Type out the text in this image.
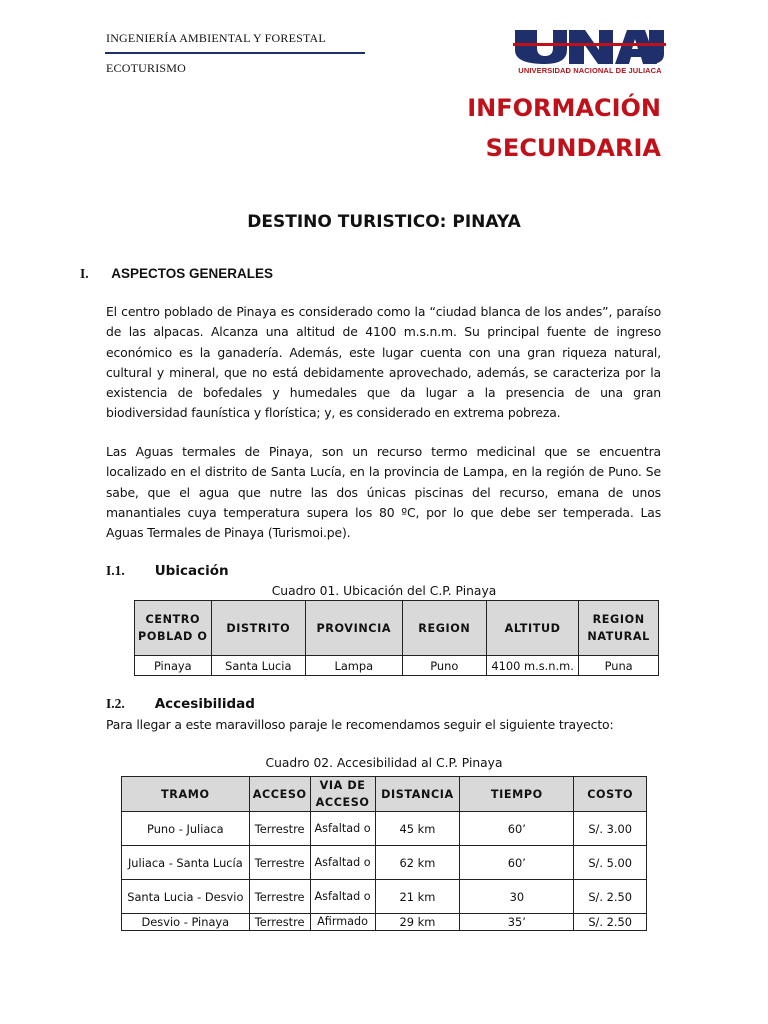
INGENIERÍA AMBIENTAL Y FORESTAL
ECOTURISMO	UNIVERSIDAD NACIONAL DE JULIACA
INFORMACIÓN
SECUNDARIA
DESTINO TURISTICO: PINAYA
I. ASPECTOS GENERALES
El centro poblado de Pinaya es considerado como la “ciudad blanca de los andes”, paraíso de las alpacas. Alcanza una altitud de 4100 m.s.n.m. Su principal fuente de ingreso económico es la ganadería. Además, este lugar cuenta con una gran riqueza natural, cultural y mineral, que no está debidamente aprovechado, además, se caracteriza por la existencia de bofedales y humedales que da lugar a la presencia de una gran biodiversidad faunística y florística; y, es considerado en extrema pobreza.
Las Aguas termales de Pinaya, son un recurso termo medicinal que se encuentra localizado en el distrito de Santa Lucía, en la provincia de Lampa, en la región de Puno. Se sabe, que el agua que nutre las dos únicas piscinas del recurso, emana de unos manantiales cuya temperatura supera los 80 ºC, por lo que debe ser temperada. Las Aguas Termales de Pinaya (Turismoi.pe).
I.1. Ubicación
Cuadro 01. Ubicación del C.P. Pinaya
CENTRO POBLAD O	DISTRITO	PROVINCIA	REGION	ALTITUD	REGION NATURAL
Pinaya	Santa Lucia	Lampa	Puno	4100 m.s.n.m.	Puna
I.2. Accesibilidad
Para llegar a este maravilloso paraje le recomendamos seguir el siguiente trayecto:
Cuadro 02. Accesibilidad al C.P. Pinaya
TRAMO	ACCESO	VIA DE ACCESO	DISTANCIA	TIEMPO	COSTO
Puno - Juliaca	Terrestre	Asfaltad o	45 km	60’	S/. 3.00
Juliaca - Santa Lucía	Terrestre	Asfaltad o	62 km	60’	S/. 5.00
Santa Lucia - Desvio	Terrestre	Asfaltad o	21 km	30	S/. 2.50
Desvio - Pinaya	Terrestre	Afirmado	29 km	35’	S/. 2.50
